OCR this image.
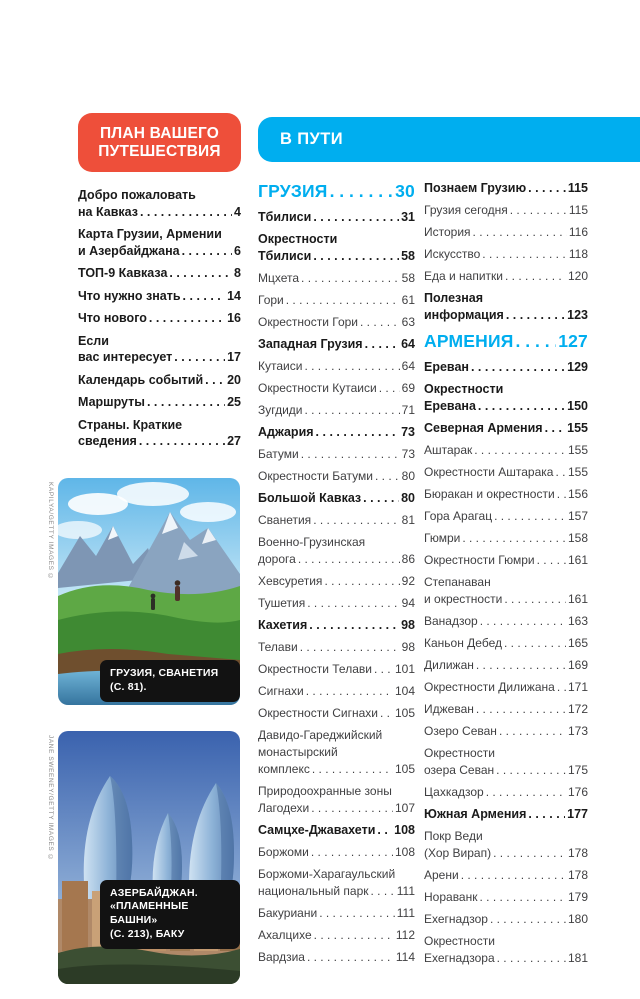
ПЛАН ВАШЕГО ПУТЕШЕСТВИЯ
Добро пожаловать
на Кавказ . . .	4
Карта Грузии, Армении
и Азербайджана . . .	6
ТОП-9 Кавказа . . .	8
Что нужно знать . . .	14
Что нового . . .	16
Если
вас интересует . . .	17
Календарь событий . . . 20
Маршруты . . .	25
Страны. Краткие
сведения . . .	27
KAPILYA/GETTY IMAGES ©
ГРУЗИЯ, СВАНЕТИЯ
(С. 81).
JANE SWEENEY/GETTY IMAGES ©
АЗЕРБАЙДЖАН.
«ПЛАМЕННЫЕ БАШНИ»
(С. 213), БАКУ
В ПУТИ
ГРУЗИЯ . . .	30
Тбилиси . . .	31
Окрестности
Тбилиси . . .	58
Мцхета . . .	58
Гори . . .	61
Окрестности Гори . . .	63
Западная Грузия . . .	64
Кутаиси . . .	64
Окрестности Кутаиси . . . 69
Зугдиди . . .	71
Аджария . . .	73
Батуми . . .	73
Окрестности Батуми . . . 80
Большой Кавказ . . .	80
Сванетия . . .	81
Военно-Грузинская
дорога . . .	86
Хевсуретия . . .	92
Тушетия . . .	94
Кахетия . . .	98
Телави . . .	98
Окрестности Телави . . . 101
Сигнахи . . .	104
Окрестности Сигнахи . . . 105
Давидо-Гареджийский
монастырский
комплекс . . .	105
Природоохранные зоны
Лагодехи . . .	107
Самцхе-Джавахети . . . 108
Боржоми . . .	108
Боржоми-Харагаульский
национальный парк . . . 111
Бакуриани . . .	111
Ахалцихе . . .	112
Вардзиа . . .	114
Познаем Грузию . . .	115
Грузия сегодня . . .	115
История . . .	116
Искусство . . .	118
Еда и напитки . . .	120
Полезная
информация . . .	123
АРМЕНИЯ . . .	127
Ереван . . .	129
Окрестности
Еревана . . .	150
Северная Армения . . . 155
Аштарак . . .	155
Окрестности Аштарака . . . 155
Бюракан и окрестности . . . 156
Гора Арагац . . .	157
Гюмри . . .	158
Окрестности Гюмри . . .	161
Степанаван
и окрестности . . .	161
Ванадзор . . .	163
Каньон Дебед . . .	165
Дилижан . . .	169
Окрестности Дилижана . . . 171
Иджеван . . .	172
Озеро Севан . . .	173
Окрестности
озера Севан . . .	175
Цахкадзор . . .	176
Южная Армения . . .	177
Покр Веди
(Хор Вирап) . . .	178
Арени . . .	178
Нораванк . . .	179
Ехегнадзор . . .	180
Окрестности
Ехегнадзора . . .	181
